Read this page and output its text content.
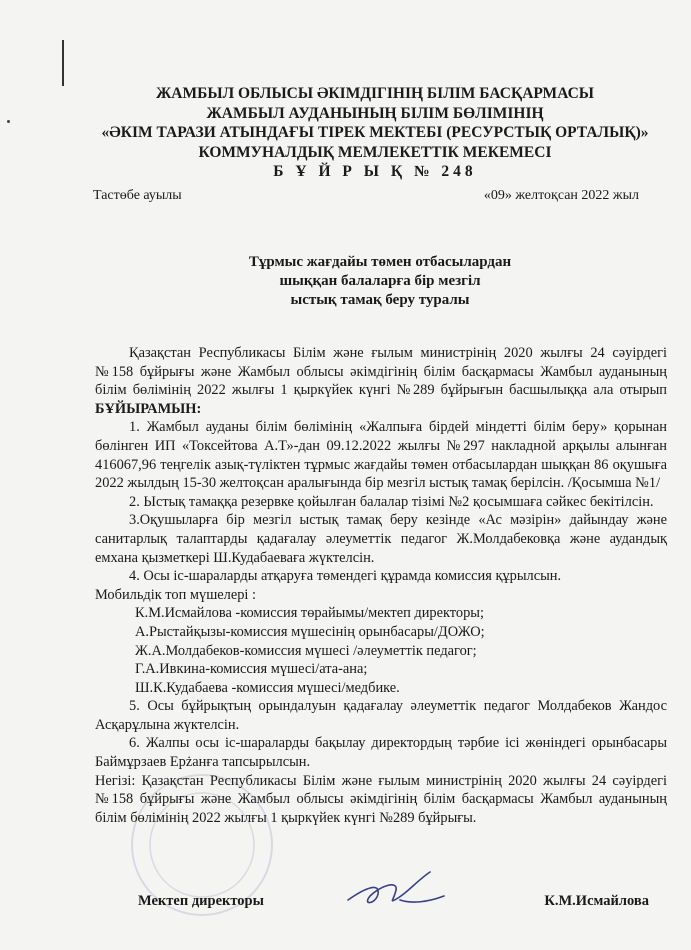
ЖАМБЫЛ ОБЛЫСЫ ӘКІМДІГІНІҢ БІЛІМ БАСҚАРМАСЫ
ЖАМБЫЛ АУДАНЫНЫҢ БІЛІМ БӨЛІМІНІҢ
«ӘКІМ ТАРАЗИ АТЫНДАҒЫ ТІРЕК МЕКТЕБІ (РЕСУРСТЫҚ ОРТАЛЫҚ)»
КОММУНАЛДЫҚ МЕМЛЕКЕТТІК МЕКЕМЕСІ
Б Ұ Й Р Ы Қ № 248
Тастөбе ауылы	«09» желтоқсан 2022 жыл
Тұрмыс жағдайы төмен отбасылардан
шыққан балаларға бір мезгіл
ыстық тамақ беру туралы

Қазақстан Республикасы Білім және ғылым министрінің 2020 жылғы 24 сәуірдегі №158 бұйрығы және Жамбыл облысы әкімдігінің білім басқармасы Жамбыл ауданының білім бөлімінің 2022 жылғы 1 қыркүйек күнгі №289 бұйрығын басшылыққа ала отырып БҰЙЫРАМЫН:

1. Жамбыл ауданы білім бөлімінің «Жалпыға бірдей міндетті білім беру» қорынан бөлінген ИП «Токсейтова А.Т»-дан 09.12.2022 жылғы №297 накладной арқылы алынған 416067,96 теңгелік азық-түліктен тұрмыс жағдайы төмен отбасылардан шыққан 86 оқушыға 2022 жылдың 15-30 желтоқсан аралығында бір мезгіл ыстық тамақ берілсін. /Қосымша №1/

2. Ыстық тамаққа резервке қойылған балалар тізімі №2 қосымшаға сәйкес бекітілсін.

3.Оқушыларға бір мезгіл ыстық тамақ беру кезінде «Ас мәзірін» дайындау және санитарлық талаптарды қадағалау әлеуметтік педагог Ж.Молдабековқа және аудандық емхана қызметкері Ш.Кудабаеваға жүктелсін.

4. Осы іс-шараларды атқаруға төмендегі құрамда комиссия құрылсын.

Мобильдік топ мүшелері :

К.М.Исмайлова -комиссия төрайымы/мектеп директоры;

А.Рыстайқызы-комиссия мүшесінің орынбасары/ДОЖО;

Ж.А.Молдабеков-комиссия мүшесі /әлеуметтік педагог;

Г.А.Ивкина-комиссия мүшесі/ата-ана;

Ш.К.Кудабаева -комиссия мүшесі/медбике.

5. Осы бұйрықтың орындалуын қадағалау әлеуметтік педагог Молдабеков Жандос Асқарұлына жүктелсін.

6. Жалпы осы іс-шараларды бақылау директордың тәрбие ісі жөніндегі орынбасары Баймұрзаев Ерżанға тапсырылсын.

Негізі: Қазақстан Республикасы Білім және ғылым министрінің 2020 жылғы 24 сәуірдегі №158 бұйрығы және Жамбыл облысы әкімдігінің білім басқармасы Жамбыл ауданының білім бөлімінің 2022 жылғы 1 қыркүйек күнгі №289 бұйрығы.

Мектеп директоры	К.М.Исмайлова
